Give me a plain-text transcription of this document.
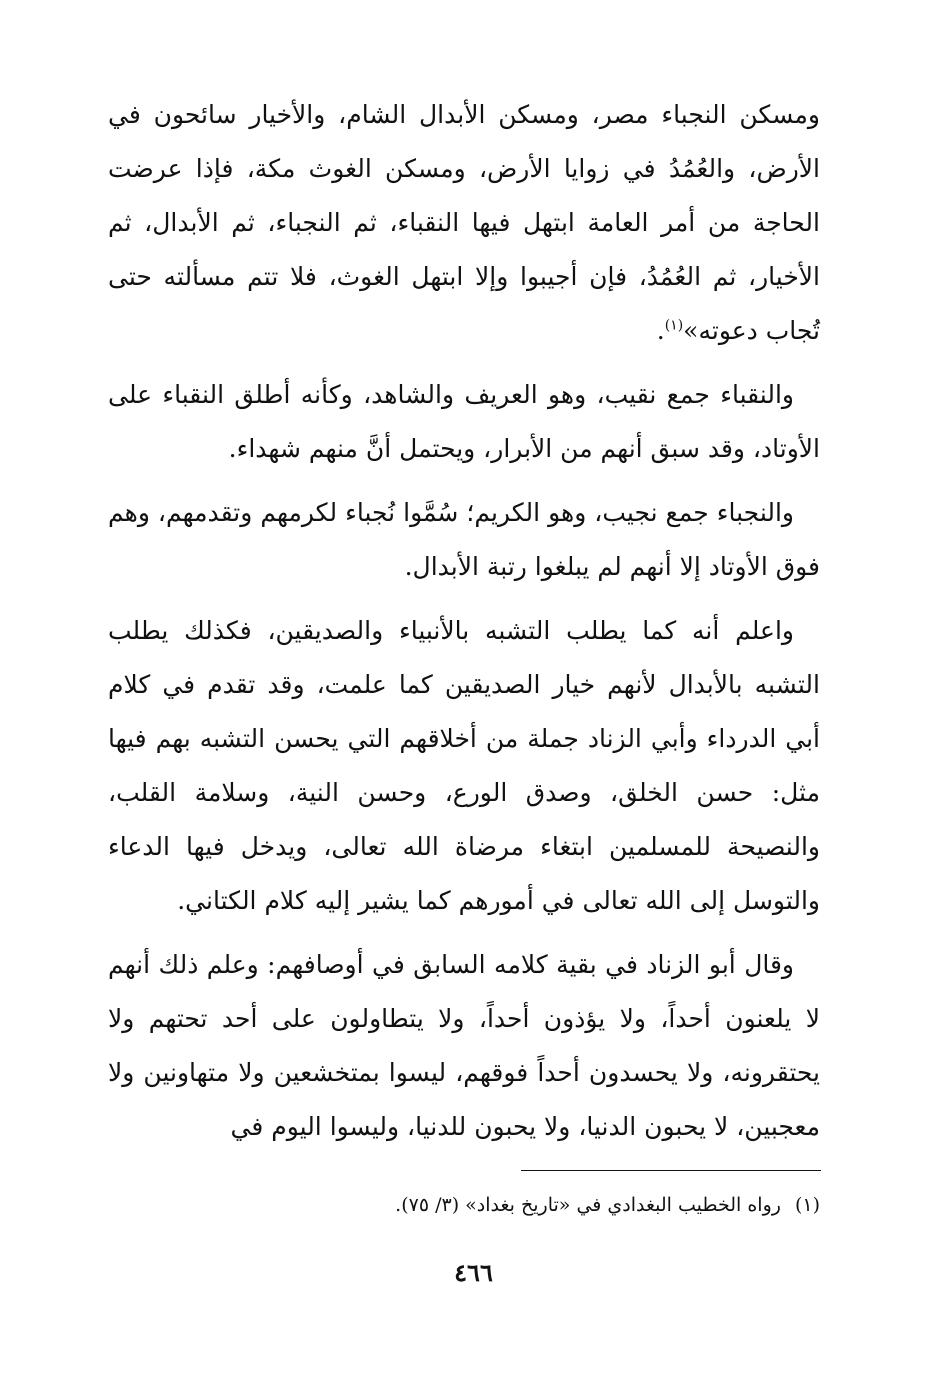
ومسكن النجباء مصر، ومسكن الأبدال الشام، والأخيار سائحون في الأرض، والعُمُدُ في زوايا الأرض، ومسكن الغوث مكة، فإذا عرضت الحاجة من أمر العامة ابتهل فيها النقباء، ثم النجباء، ثم الأبدال، ثم الأخيار، ثم العُمُدُ، فإن أجيبوا وإلا ابتهل الغوث، فلا تتم مسألته حتى تُجاب دعوته»$^{(١)}$.

والنقباء جمع نقيب، وهو العريف والشاهد، وكأنه أطلق النقباء على الأوتاد، وقد سبق أنهم من الأبرار، ويحتمل أنَّ منهم شهداء.

والنجباء جمع نجيب، وهو الكريم؛ سُمَّوا نُجباء لكرمهم وتقدمهم، وهم فوق الأوتاد إلا أنهم لم يبلغوا رتبة الأبدال.

واعلم أنه كما يطلب التشبه بالأنبياء والصديقين، فكذلك يطلب التشبه بالأبدال لأنهم خيار الصديقين كما علمت، وقد تقدم في كلام أبي الدرداء وأبي الزناد جملة من أخلاقهم التي يحسن التشبه بهم فيها مثل: حسن الخلق، وصدق الورع، وحسن النية، وسلامة القلب، والنصيحة للمسلمين ابتغاء مرضاة الله تعالى، ويدخل فيها الدعاء والتوسل إلى الله تعالى في أمورهم كما يشير إليه كلام الكتاني.

وقال أبو الزناد في بقية كلامه السابق في أوصافهم: وعلم ذلك أنهم لا يلعنون أحداً، ولا يؤذون أحداً، ولا يتطاولون على أحد تحتهم ولا يحتقرونه، ولا يحسدون أحداً فوقهم، ليسوا بمتخشعين ولا متهاونين ولا معجبين، لا يحبون الدنيا، ولا يحبون للدنيا، وليسوا اليوم في

(١)رواه الخطيب البغدادي في «تاريخ بغداد» (٣/ ٧٥).
٤٦٦
